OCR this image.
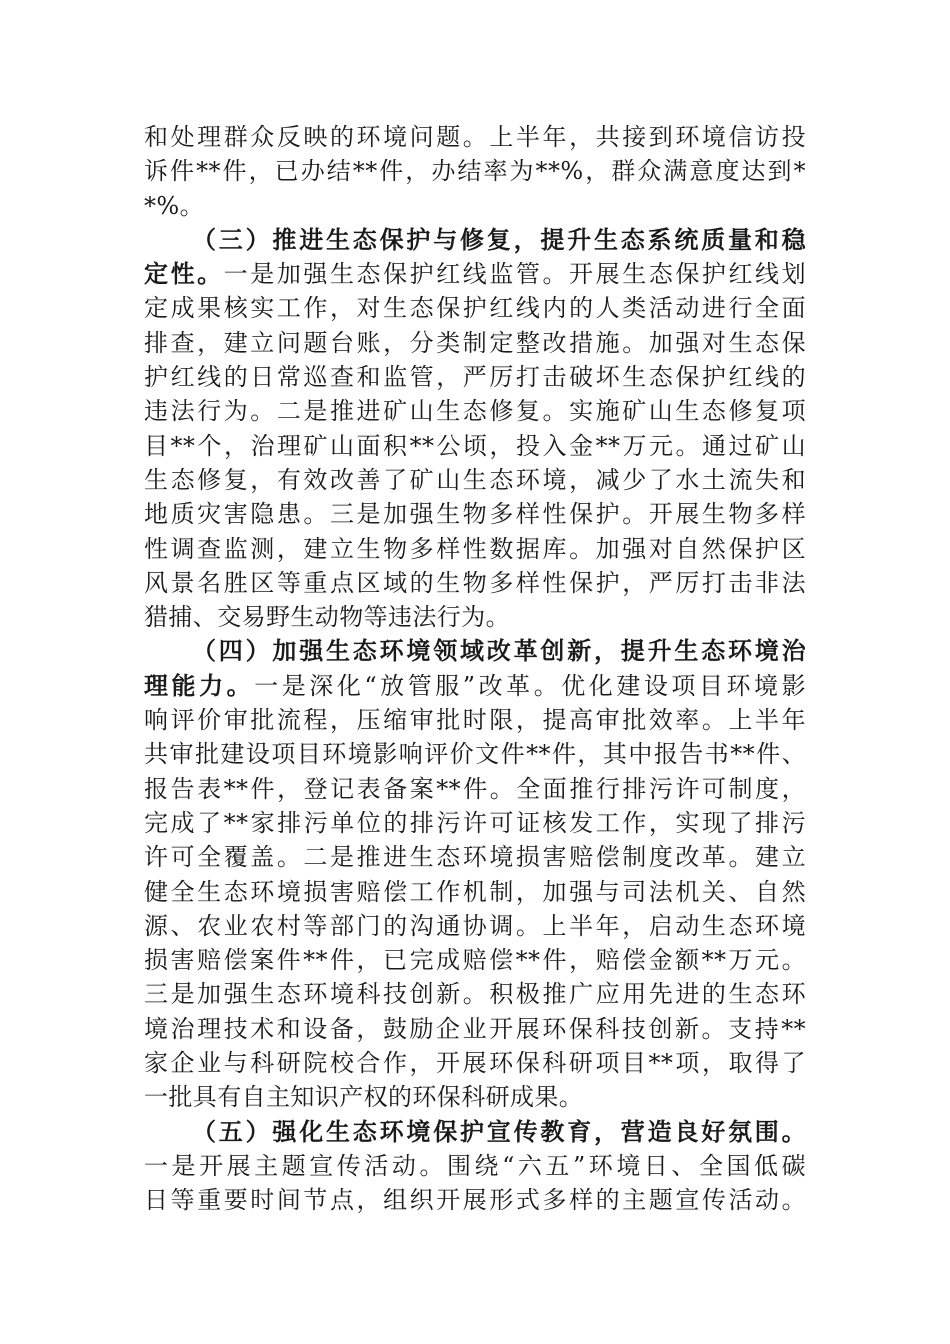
和处理群众反映的环境问题。上半年，共接到环境信访投
诉件**件，已办结**件，办结率为**%，群众满意度达到*
*%。
（三）推进生态保护与修复，提升生态系统质量和稳
定性。一是加强生态保护红线监管。开展生态保护红线划
定成果核实工作，对生态保护红线内的人类活动进行全面
排查，建立问题台账，分类制定整改措施。加强对生态保
护红线的日常巡查和监管，严厉打击破坏生态保护红线的
违法行为。二是推进矿山生态修复。实施矿山生态修复项
目**个，治理矿山面积**公顷，投入金**万元。通过矿山
生态修复，有效改善了矿山生态环境，减少了水土流失和
地质灾害隐患。三是加强生物多样性保护。开展生物多样
性调查监测，建立生物多样性数据库。加强对自然保护区
风景名胜区等重点区域的生物多样性保护，严厉打击非法
猎捕、交易野生动物等违法行为。
（四）加强生态环境领域改革创新，提升生态环境治
理能力。一是深化“放管服”改革。优化建设项目环境影
响评价审批流程，压缩审批时限，提高审批效率。上半年
共审批建设项目环境影响评价文件**件，其中报告书**件、
报告表**件，登记表备案**件。全面推行排污许可制度，
完成了**家排污单位的排污许可证核发工作，实现了排污
许可全覆盖。二是推进生态环境损害赔偿制度改革。建立
健全生态环境损害赔偿工作机制，加强与司法机关、自然
源、农业农村等部门的沟通协调。上半年，启动生态环境
损害赔偿案件**件，已完成赔偿**件，赔偿金额**万元。
三是加强生态环境科技创新。积极推广应用先进的生态环
境治理技术和设备，鼓励企业开展环保科技创新。支持**
家企业与科研院校合作，开展环保科研项目**项，取得了
一批具有自主知识产权的环保科研成果。
（五）强化生态环境保护宣传教育，营造良好氛围。
一是开展主题宣传活动。围绕“六五”环境日、全国低碳
日等重要时间节点，组织开展形式多样的主题宣传活动。
